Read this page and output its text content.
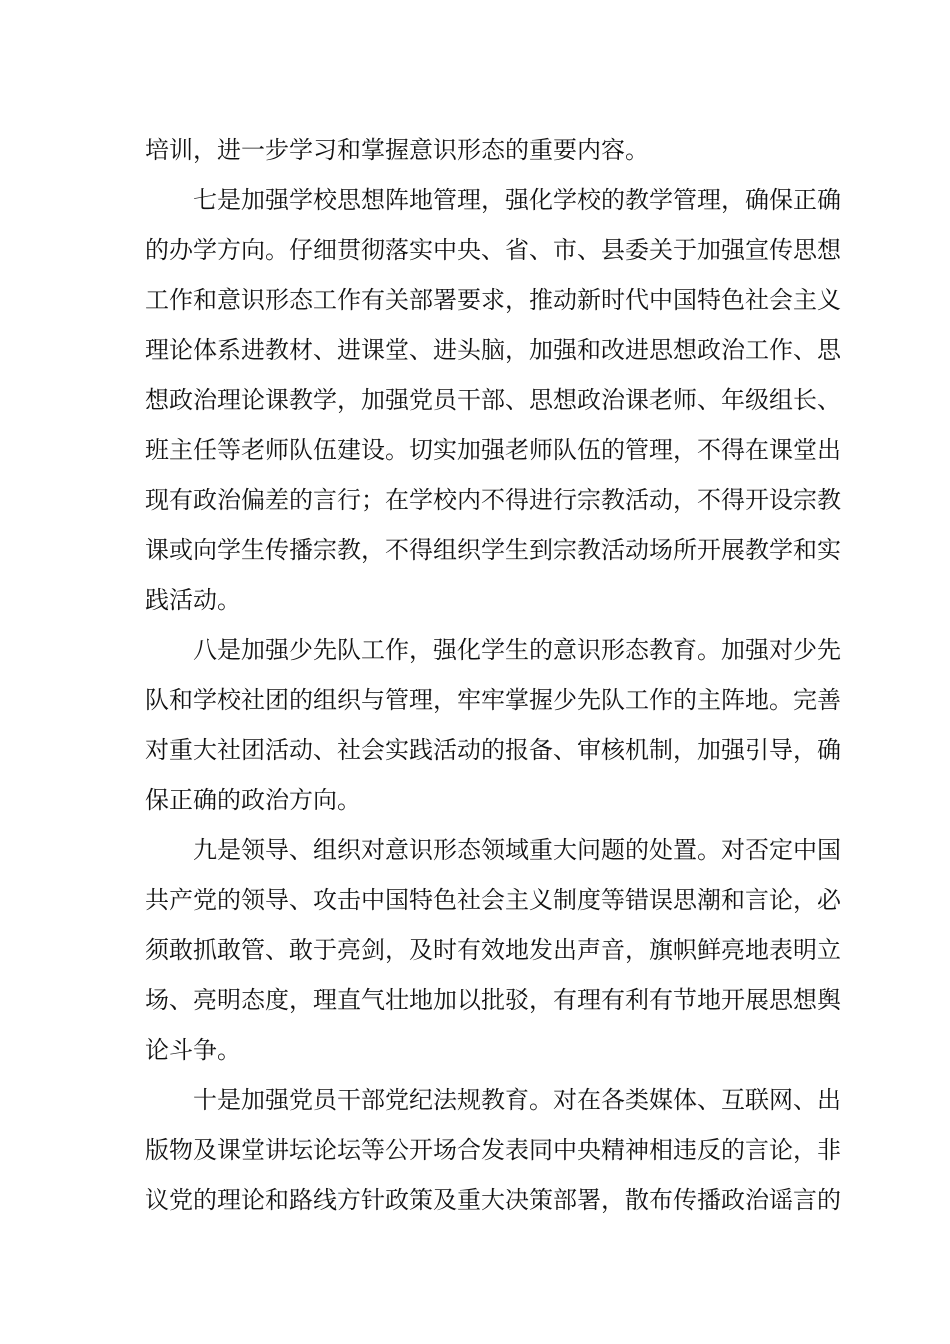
培训，进一步学习和掌握意识形态的重要内容。
七是加强学校思想阵地管理，强化学校的教学管理，确保正确
的办学方向。仔细贯彻落实中央、省、市、县委关于加强宣传思想
工作和意识形态工作有关部署要求，推动新时代中国特色社会主义
理论体系进教材、进课堂、进头脑，加强和改进思想政治工作、思
想政治理论课教学，加强党员干部、思想政治课老师、年级组长、
班主任等老师队伍建设。切实加强老师队伍的管理，不得在课堂出
现有政治偏差的言行；在学校内不得进行宗教活动，不得开设宗教
课或向学生传播宗教，不得组织学生到宗教活动场所开展教学和实
践活动。
八是加强少先队工作，强化学生的意识形态教育。加强对少先
队和学校社团的组织与管理，牢牢掌握少先队工作的主阵地。完善
对重大社团活动、社会实践活动的报备、审核机制，加强引导，确
保正确的政治方向。
九是领导、组织对意识形态领域重大问题的处置。对否定中国
共产党的领导、攻击中国特色社会主义制度等错误思潮和言论，必
须敢抓敢管、敢于亮剑，及时有效地发出声音，旗帜鲜亮地表明立
场、亮明态度，理直气壮地加以批驳，有理有利有节地开展思想舆
论斗争。
十是加强党员干部党纪法规教育。对在各类媒体、互联网、出
版物及课堂讲坛论坛等公开场合发表同中央精神相违反的言论，非
议党的理论和路线方针政策及重大决策部署，散布传播政治谣言的
